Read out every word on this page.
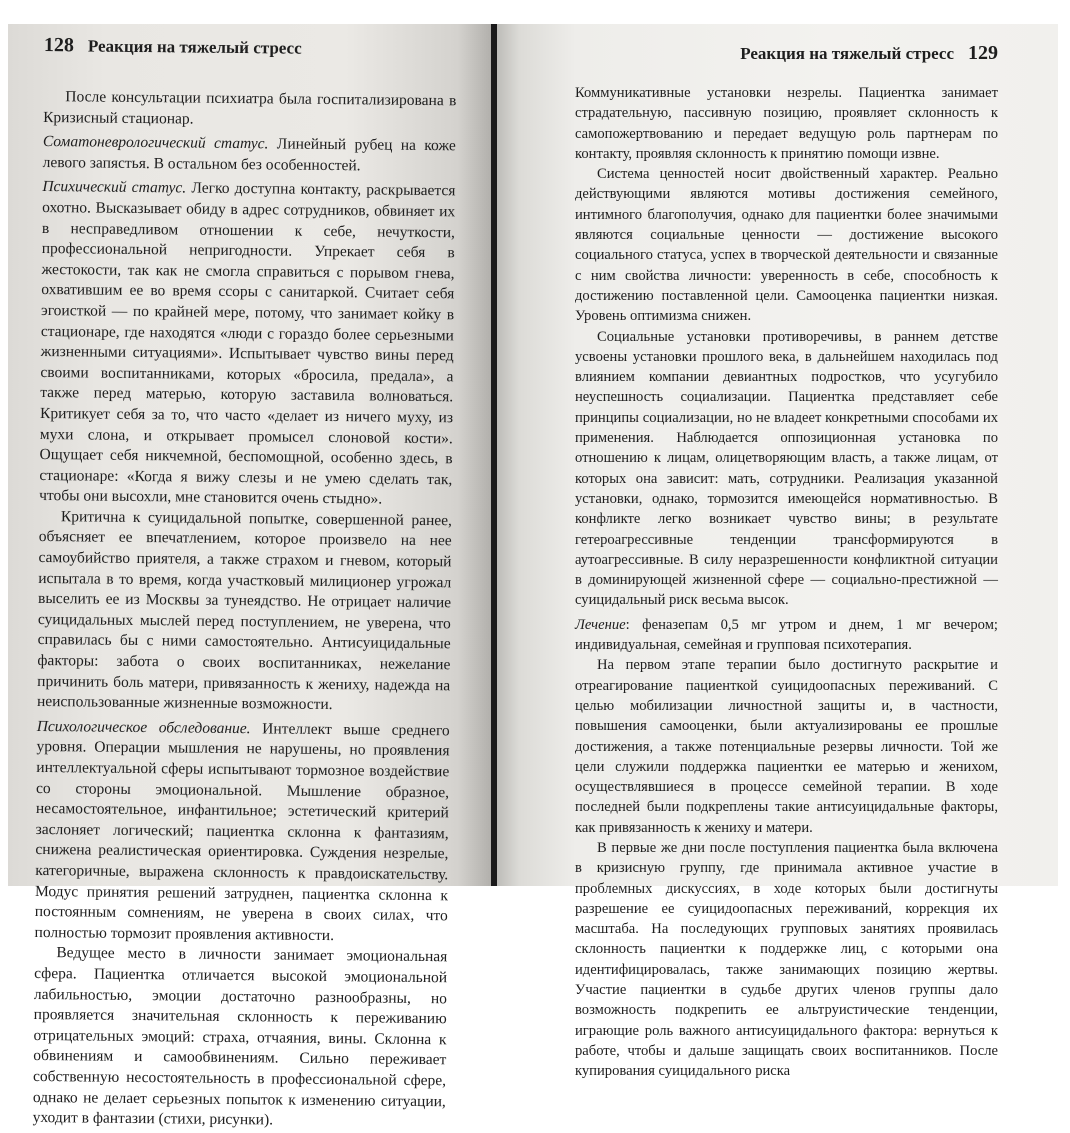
128 Реакция на тяжелый стресс

После консультации психиатра была госпитализирована в Кризисный стационар.

Соматоневрологический статус. Линейный рубец на коже левого запястья. В остальном без особенностей.

Психический статус. Легко доступна контакту, раскрывается охотно. Высказывает обиду в адрес сотрудников, обвиняет их в несправедливом отношении к себе, нечуткости, профессиональной непригодности. Упрекает себя в жестокости, так как не смогла справиться с порывом гнева, охватившим ее во время ссоры с санитаркой. Считает себя эгоисткой — по крайней мере, потому, что занимает койку в стационаре, где находятся «люди с гораздо более серьезными жизненными ситуациями». Испытывает чувство вины перед своими воспитанниками, которых «бросила, предала», а также перед матерью, которую заставила волноваться. Критикует себя за то, что часто «делает из ничего муху, из мухи слона, и открывает промысел слоновой кости». Ощущает себя никчемной, беспомощной, особенно здесь, в стационаре: «Когда я вижу слезы и не умею сделать так, чтобы они высохли, мне становится очень стыдно».

Критична к суицидальной попытке, совершенной ранее, объясняет ее впечатлением, которое произвело на нее самоубийство приятеля, а также страхом и гневом, который испытала в то время, когда участковый милиционер угрожал выселить ее из Москвы за тунеядство. Не отрицает наличие суицидальных мыслей перед поступлением, не уверена, что справилась бы с ними самостоятельно. Антисуицидальные факторы: забота о своих воспитанниках, нежелание причинить боль матери, привязанность к жениху, надежда на неиспользованные жизненные возможности.

Психологическое обследование. Интеллект выше среднего уровня. Операции мышления не нарушены, но проявления интеллектуальной сферы испытывают тормозное воздействие со стороны эмоциональной. Мышление образное, несамостоятельное, инфантильное; эстетический критерий заслоняет логический; пациентка склонна к фантазиям, снижена реалистическая ориентировка. Суждения незрелые, категоричные, выражена склонность к правдоискательству. Модус принятия решений затруднен, пациентка склонна к постоянным сомнениям, не уверена в своих силах, что полностью тормозит проявления активности.

Ведущее место в личности занимает эмоциональная сфера. Пациентка отличается высокой эмоциональной лабильностью, эмоции достаточно разнообразны, но проявляется значительная склонность к переживанию отрицательных эмоций: страха, отчаяния, вины. Склонна к обвинениям и самообвинениям. Сильно переживает собственную несостоятельность в профессиональной сфере, однако не делает серьезных попыток к изменению ситуации, уходит в фантазии (стихи, рисунки).

Реакция на тяжелый стресс 129

Коммуникативные установки незрелы. Пациентка занимает страдательную, пассивную позицию, проявляет склонность к самопожертвованию и передает ведущую роль партнерам по контакту, проявляя склонность к принятию помощи извне.

Система ценностей носит двойственный характер. Реально действующими являются мотивы достижения семейного, интимного благополучия, однако для пациентки более значимыми являются социальные ценности — достижение высокого социального статуса, успех в творческой деятельности и связанные с ним свойства личности: уверенность в себе, способность к достижению поставленной цели. Самооценка пациентки низкая. Уровень оптимизма снижен.

Социальные установки противоречивы, в раннем детстве усвоены установки прошлого века, в дальнейшем находилась под влиянием компании девиантных подростков, что усугубило неуспешность социализации. Пациентка представляет себе принципы социализации, но не владеет конкретными способами их применения. Наблюдается оппозиционная установка по отношению к лицам, олицетворяющим власть, а также лицам, от которых она зависит: мать, сотрудники. Реализация указанной установки, однако, тормозится имеющейся нормативностью. В конфликте легко возникает чувство вины; в результате гетероагрессивные тенденции трансформируются в аутоагрессивные. В силу неразрешенности конфликтной ситуации в доминирующей жизненной сфере — социально-престижной — суицидальный риск весьма высок.

Лечение: феназепам 0,5 мг утром и днем, 1 мг вечером; индивидуальная, семейная и групповая психотерапия.

На первом этапе терапии было достигнуто раскрытие и отреагирование пациенткой суицидоопасных переживаний. С целью мобилизации личностной защиты и, в частности, повышения самооценки, были актуализированы ее прошлые достижения, а также потенциальные резервы личности. Той же цели служили поддержка пациентки ее матерью и женихом, осуществлявшиеся в процессе семейной терапии. В ходе последней были подкреплены такие антисуицидальные факторы, как привязанность к жениху и матери.

В первые же дни после поступления пациентка была включена в кризисную группу, где принимала активное участие в проблемных дискуссиях, в ходе которых были достигнуты разрешение ее суицидоопасных переживаний, коррекция их масштаба. На последующих групповых занятиях проявилась склонность пациентки к поддержке лиц, с которыми она идентифицировалась, также занимающих позицию жертвы. Участие пациентки в судьбе других членов группы дало возможность подкрепить ее альтруистические тенденции, играющие роль важного антисуицидального фактора: вернуться к работе, чтобы и дальше защищать своих воспитанников. После купирования суицидального риска
